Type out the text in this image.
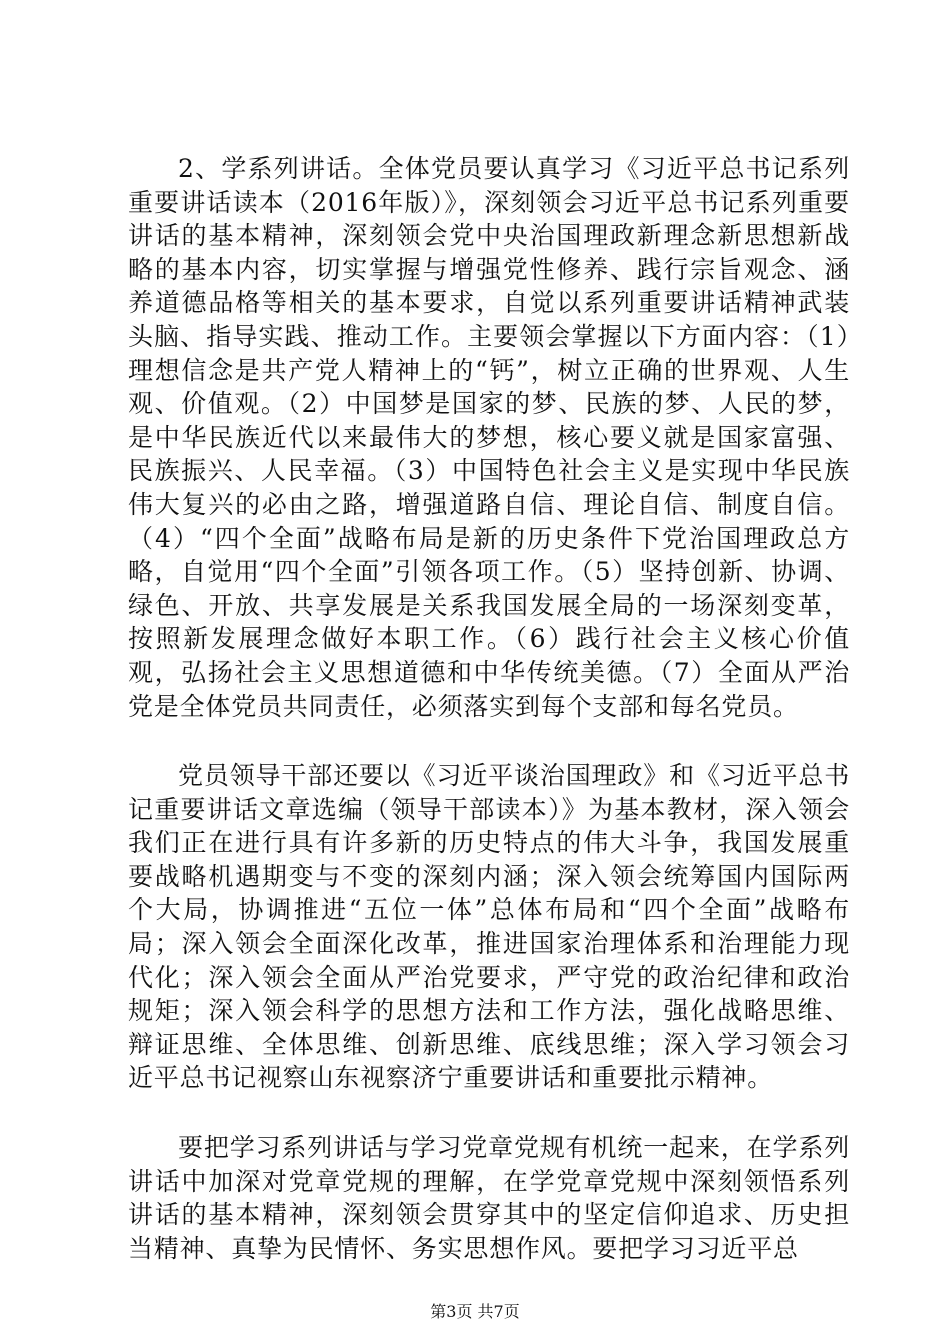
2、学系列讲话。全体党员要认真学习《习近平总书记系列重要讲话读本（2016年版）》，深刻领会习近平总书记系列重要讲话的基本精神，深刻领会党中央治国理政新理念新思想新战略的基本内容，切实掌握与增强党性修养、践行宗旨观念、涵养道德品格等相关的基本要求，自觉以系列重要讲话精神武装头脑、指导实践、推动工作。主要领会掌握以下方面内容：（1）理想信念是共产党人精神上的“钙”，树立正确的世界观、人生观、价值观。（2）中国梦是国家的梦、民族的梦、人民的梦，是中华民族近代以来最伟大的梦想，核心要义就是国家富强、民族振兴、人民幸福。（3）中国特色社会主义是实现中华民族伟大复兴的必由之路，增强道路自信、理论自信、制度自信。（4）“四个全面”战略布局是新的历史条件下党治国理政总方略，自觉用“四个全面”引领各项工作。（5）坚持创新、协调、绿色、开放、共享发展是关系我国发展全局的一场深刻变革，按照新发展理念做好本职工作。（6）践行社会主义核心价值观，弘扬社会主义思想道德和中华传统美德。（7）全面从严治党是全体党员共同责任，必须落实到每个支部和每名党员。

党员领导干部还要以《习近平谈治国理政》和《习近平总书记重要讲话文章选编（领导干部读本）》为基本教材，深入领会我们正在进行具有许多新的历史特点的伟大斗争，我国发展重要战略机遇期变与不变的深刻内涵；深入领会统筹国内国际两个大局，协调推进“五位一体”总体布局和“四个全面”战略布局；深入领会全面深化改革，推进国家治理体系和治理能力现代化；深入领会全面从严治党要求，严守党的政治纪律和政治规矩；深入领会科学的思想方法和工作方法，强化战略思维、辩证思维、全体思维、创新思维、底线思维；深入学习领会习近平总书记视察山东视察济宁重要讲话和重要批示精神。

要把学习系列讲话与学习党章党规有机统一起来，在学系列讲话中加深对党章党规的理解，在学党章党规中深刻领悟系列讲话的基本精神，深刻领会贯穿其中的坚定信仰追求、历史担当精神、真挚为民情怀、务实思想作风。要把学习习近平总

第3页 共7页
